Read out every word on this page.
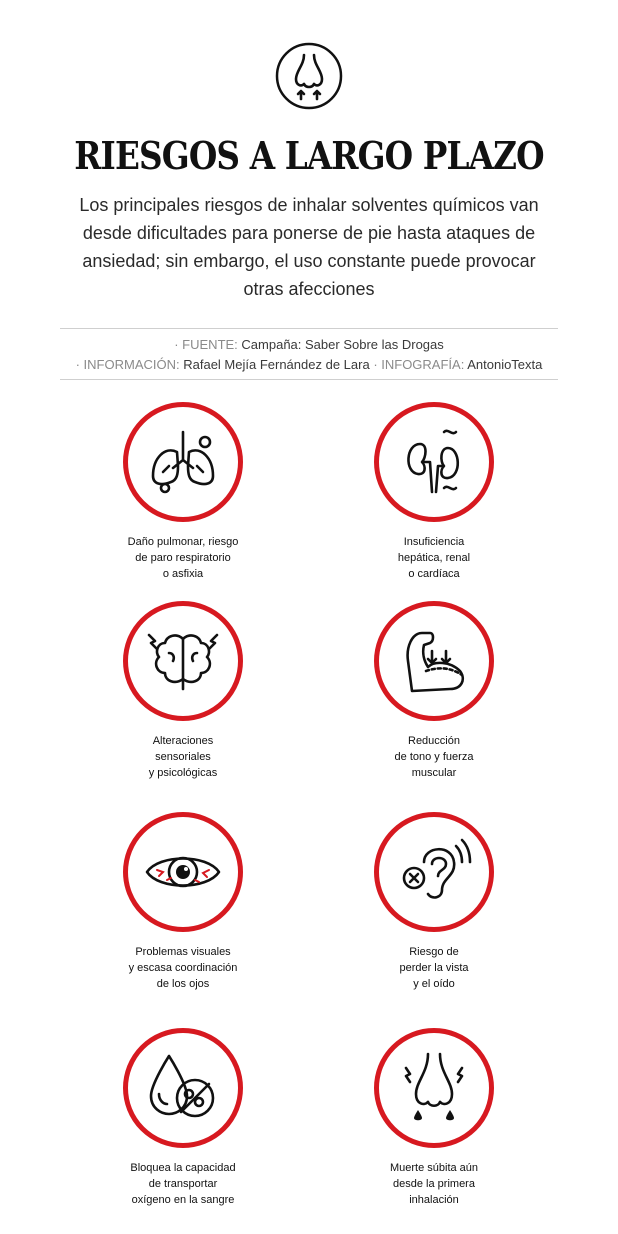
RIESGOS A LARGO PLAZO
Los principales riesgos de inhalar solventes químicos van desde dificultades para ponerse de pie hasta ataques de ansiedad; sin embargo, el uso constante puede provocar otras afecciones
· FUENTE: Campaña: Saber Sobre las Drogas
· INFORMACIÓN: Rafael Mejía Fernández de Lara · INFOGRAFÍA: AntonioTexta
Daño pulmonar, riesgo
de paro respiratorio
o asfixia
Insuficiencia
hepática, renal
o cardíaca
Alteraciones
sensoriales
y psicológicas
Reducción
de tono y fuerza
muscular
Problemas visuales
y escasa coordinación
de los ojos
Riesgo de
perder la vista
y el oído
Bloquea la capacidad
de transportar
oxígeno en la sangre
Muerte súbita aún
desde la primera
inhalación
